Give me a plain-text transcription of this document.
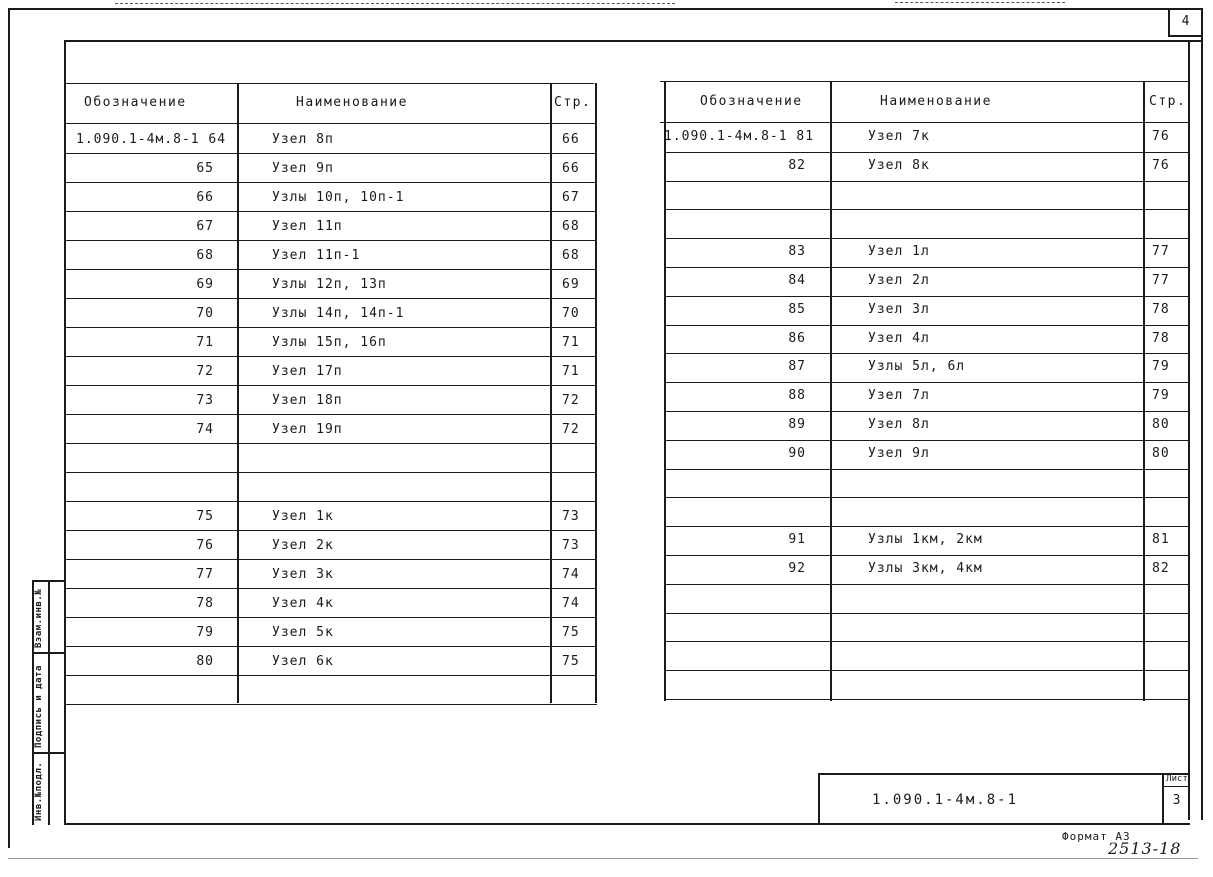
4
Взам.инв.№
Подпись и дата
Инв.№подл.
Обозначение	Наименование	Стр.	Обозначение	Наименование	Стр.
1.090.1-4м.8-1
Лист
3
Формат А3
2513-18
1.090.1-4м.8-1 64	Узел 8п	66
65	Узел 9п	66
66	Узлы 10п, 10п-1	67
67	Узел 11п	68
68	Узел 11п-1	68
69	Узлы 12п, 13п	69
70	Узлы 14п, 14п-1	70
71	Узлы 15п, 16п	71
72	Узел 17п	71
73	Узел 18п	72
74	Узел 19п	72
75	Узел 1к	73
76	Узел 2к	73
77	Узел 3к	74
78	Узел 4к	74
79	Узел 5к	75
80	Узел 6к	75
1.090.1-4м.8-1 81	Узел 7к	76
82	Узел 8к	76
83	Узел 1л	77
84	Узел 2л	77
85	Узел 3л	78
86	Узел 4л	78
87	Узлы 5л, 6л	79
88	Узел 7л	79
89	Узел 8л	80
90	Узел 9л	80
91	Узлы 1км, 2км	81
92	Узлы 3км, 4км	82
